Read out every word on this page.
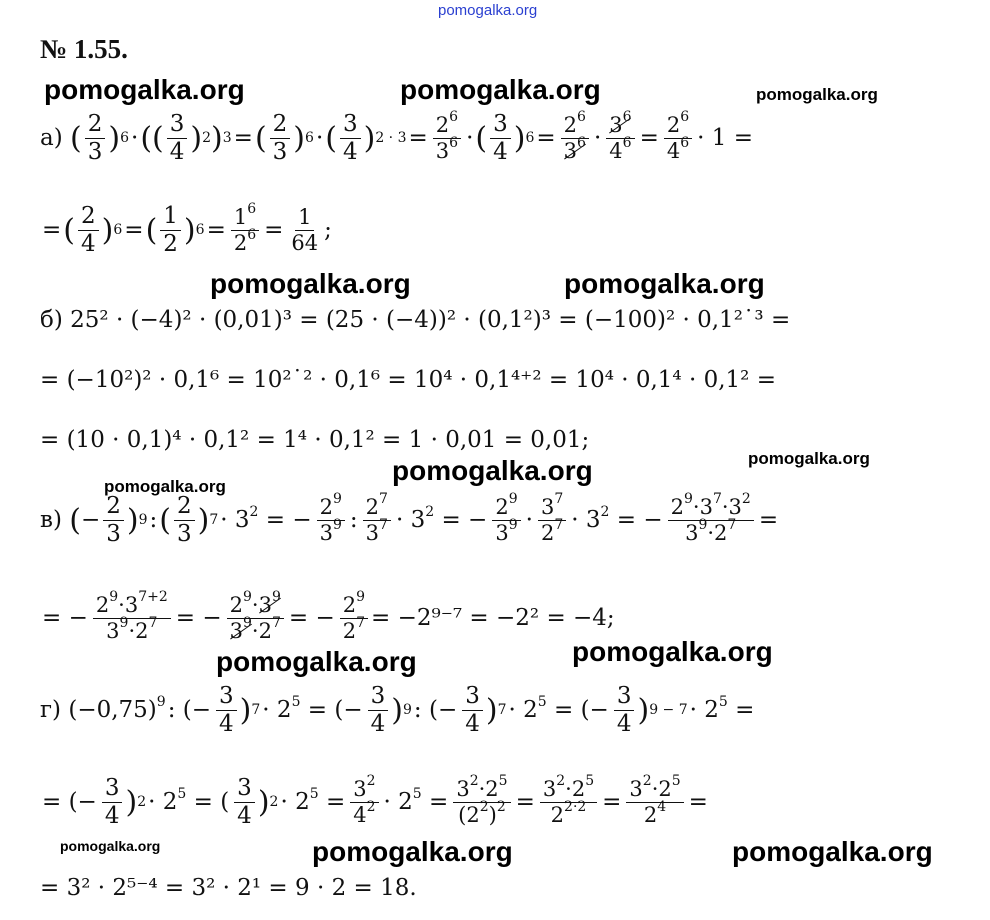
pomogalka.org
№ 1.55.
pomogalka.org	pomogalka.org	pomogalka.org
pomogalka.org	pomogalka.org
pomogalka.org
pomogalka.org
pomogalka.org
pomogalka.org	pomogalka.org
pomogalka.org	pomogalka.org	pomogalka.org
а)
( 2
3 ) 6 · (( 3
4 ) 2 ) 3 = ( 2
3 ) 6 · ( 3
4 ) $2 \cdot 3 = \frac{2^6}{3^6}$ · ( 3
4 ) $6 = \frac{2^6}{3^6} \cdot \frac{3^6}{4^6} = \frac{2^6}{4^6} \cdot 1$ =
= ( 2
4 ) 6 = ( 1
2 ) $6 = \frac{1^6}{2^6} = \frac{1}{64}$ ;
б)
25² · (−4)² · (0,01)³ = (25 · (−4))² · (0,1²)³ = (−100)² · 0,1²˙³ =
= (−10²)² · 0,1⁶ = 10²˙² · 0,1⁶ = 10⁴ · 0,1⁴⁺² = 10⁴ · 0,1⁴ · 0,1² =
= (10 · 0,1)⁴ · 0,1² = 1⁴ · 0,1² = 1 · 0,01 = 0,01;
в)
( −
2
3 ) 9 : ( 2
3 ) $7 \cdot 3^2$ = − $\frac{2^9}{3^9}$ : $2^7$
$3^7 \cdot 3^2$ = − $\frac{2^9}{3^9} \cdot 3^7$
$2^7 \cdot 3^2$ = − $\frac{2^9\cdot 3^7\cdot 3^2}{3^9\cdot 2^7}$ =
= − $\frac{2^9\cdot 3^{7+2}}{3^9\cdot 2^7}$ = − $\frac{2^9\cdot 3^9}{3^9\cdot 2^7}$ = − $\frac{2^9}{2^7} = -2^{9-7} = -2^2 = -4$;
г)
$(-0,75)^9$ : (− $\frac{3}{4}$ ) $7 \cdot 2^5$ = (− $\frac{3}{4}$ ) 9 : (− $\frac{3}{4}$ ) $7 \cdot 2^5$ = (− $\frac{3}{4}$ ) $9 - 7 \cdot 2^5$ =
= (− $\frac{3}{4}$ ) $2 \cdot 2^5$ = (
3
4 ) $2 \cdot 2^5 = \frac{3^2}{4^2} \cdot 2^5 = \frac{3^2\cdot 2^5}{(2^2)^2} = \frac{3^2\cdot 2^5}{2^{2\cdot 2}} = \frac{3^2\cdot 2^5}{2^4}$ =
= 3² · 2⁵⁻⁴ = 3² · 2¹ = 9 · 2 = 18.
